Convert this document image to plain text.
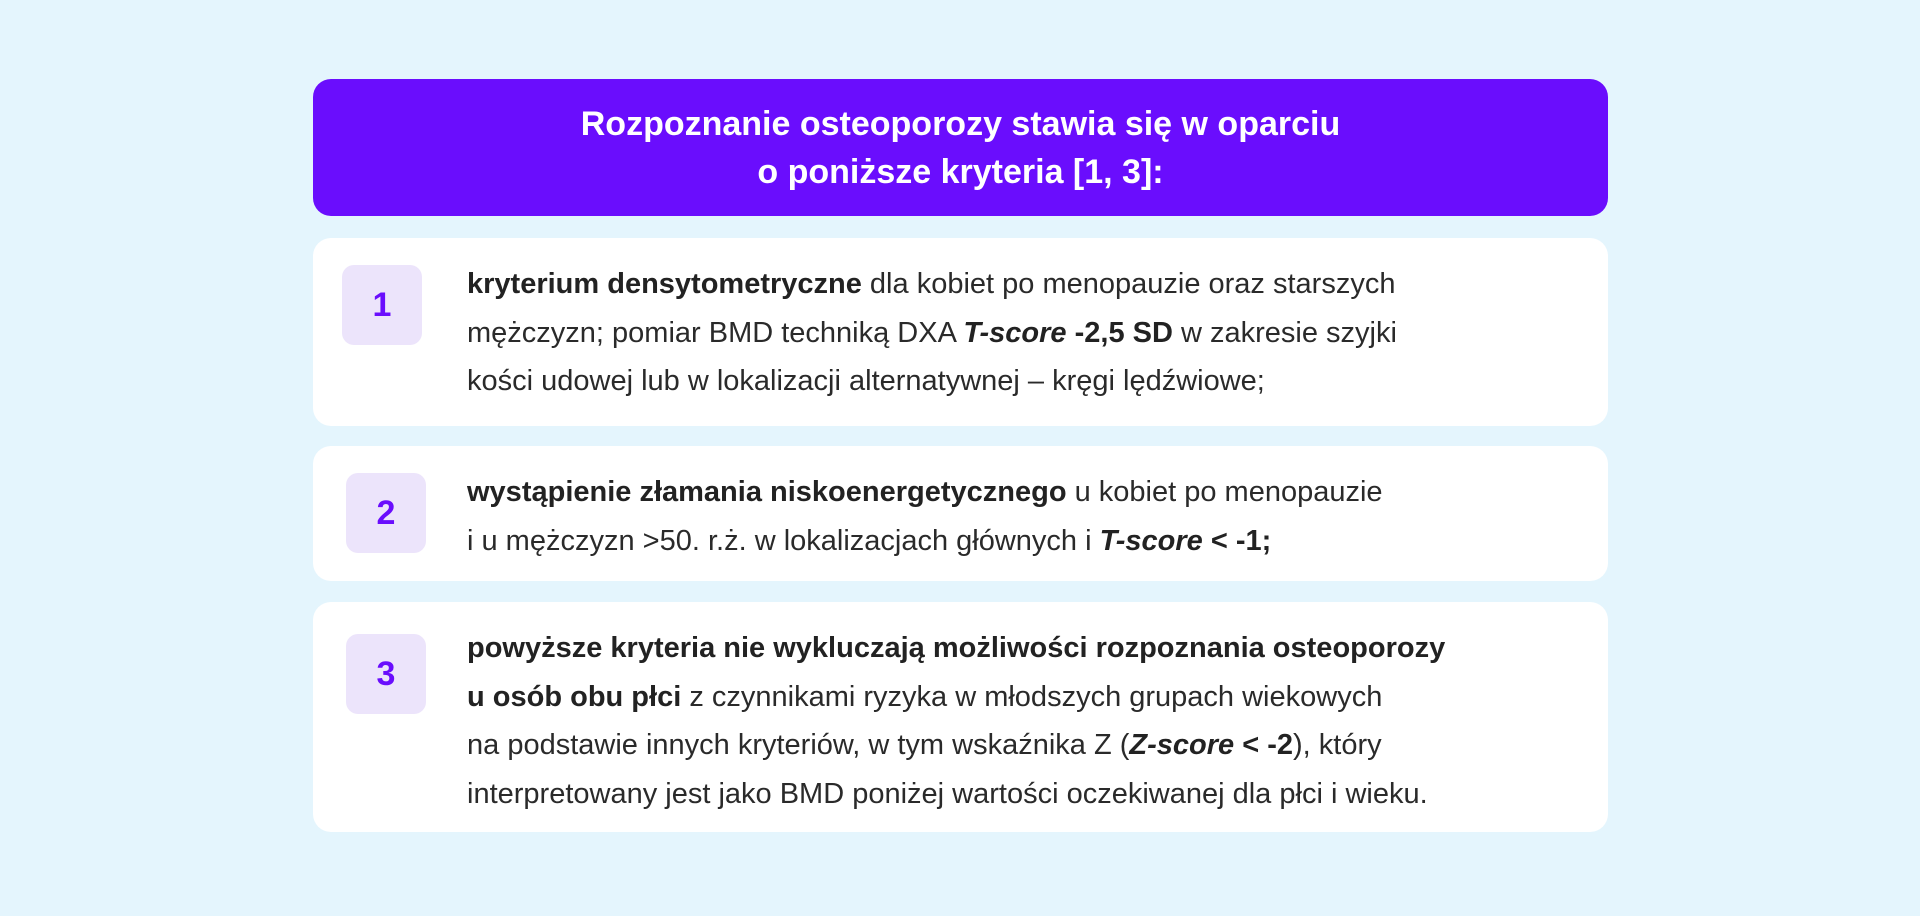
Rozpoznanie osteoporozy stawia się w oparciu
o poniższe kryteria [1, 3]:
1
kryterium densytometryczne dla kobiet po menopauzie oraz starszych
mężczyzn; pomiar BMD techniką DXA T-score -2,5 SD w zakresie szyjki
kości udowej lub w lokalizacji alternatywnej – kręgi lędźwiowe;
2
wystąpienie złamania niskoenergetycznego u kobiet po menopauzie
i u mężczyzn >50. r.ż. w lokalizacjach głównych i T-score < -1;
3
powyższe kryteria nie wykluczają możliwości rozpoznania osteoporozy
u osób obu płci z czynnikami ryzyka w młodszych grupach wiekowych
na podstawie innych kryteriów, w tym wskaźnika Z (Z-score < -2), który
interpretowany jest jako BMD poniżej wartości oczekiwanej dla płci i wieku.
